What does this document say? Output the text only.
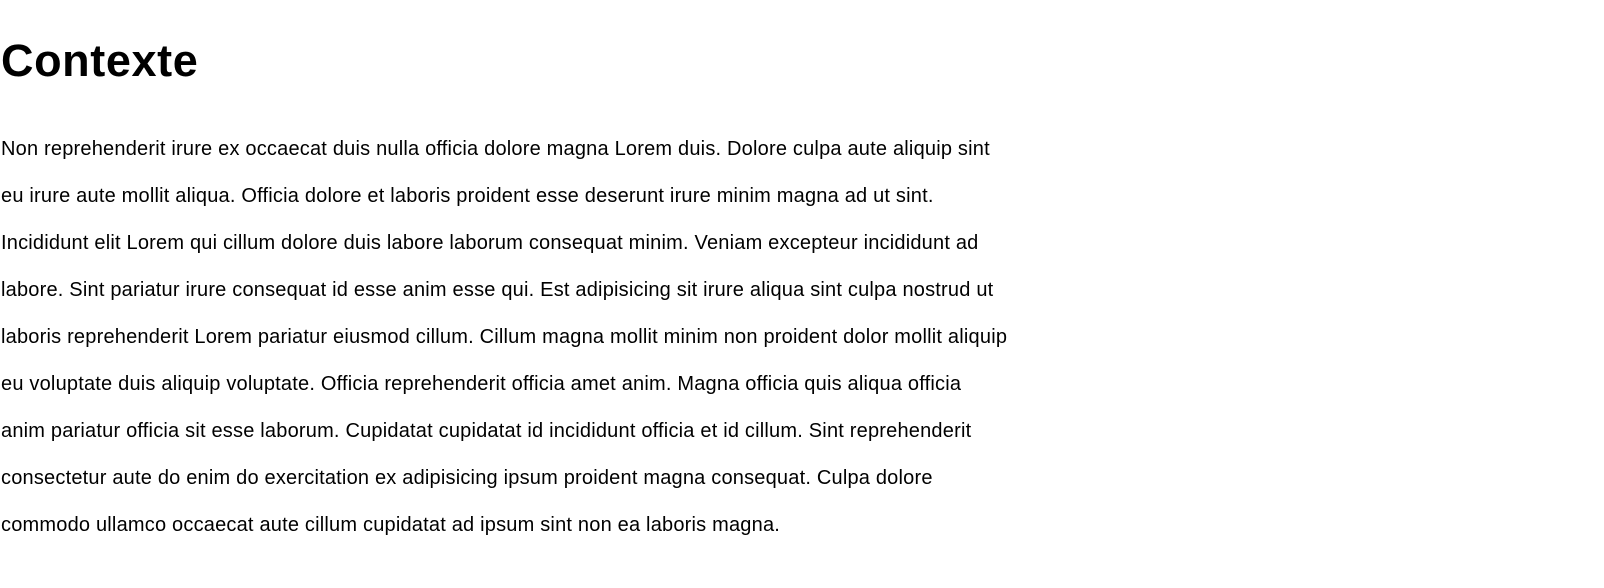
Contexte

Non reprehenderit irure ex occaecat duis nulla officia dolore magna Lorem duis. Dolore culpa aute aliquip sint
eu irure aute mollit aliqua. Officia dolore et laboris proident esse deserunt irure minim magna ad ut sint.
Incididunt elit Lorem qui cillum dolore duis labore laborum consequat minim. Veniam excepteur incididunt ad
labore. Sint pariatur irure consequat id esse anim esse qui. Est adipisicing sit irure aliqua sint culpa nostrud ut
laboris reprehenderit Lorem pariatur eiusmod cillum. Cillum magna mollit minim non proident dolor mollit aliquip
eu voluptate duis aliquip voluptate. Officia reprehenderit officia amet anim. Magna officia quis aliqua officia
anim pariatur officia sit esse laborum. Cupidatat cupidatat id incididunt officia et id cillum. Sint reprehenderit
consectetur aute do enim do exercitation ex adipisicing ipsum proident magna consequat. Culpa dolore
commodo ullamco occaecat aute cillum cupidatat ad ipsum sint non ea laboris magna.
